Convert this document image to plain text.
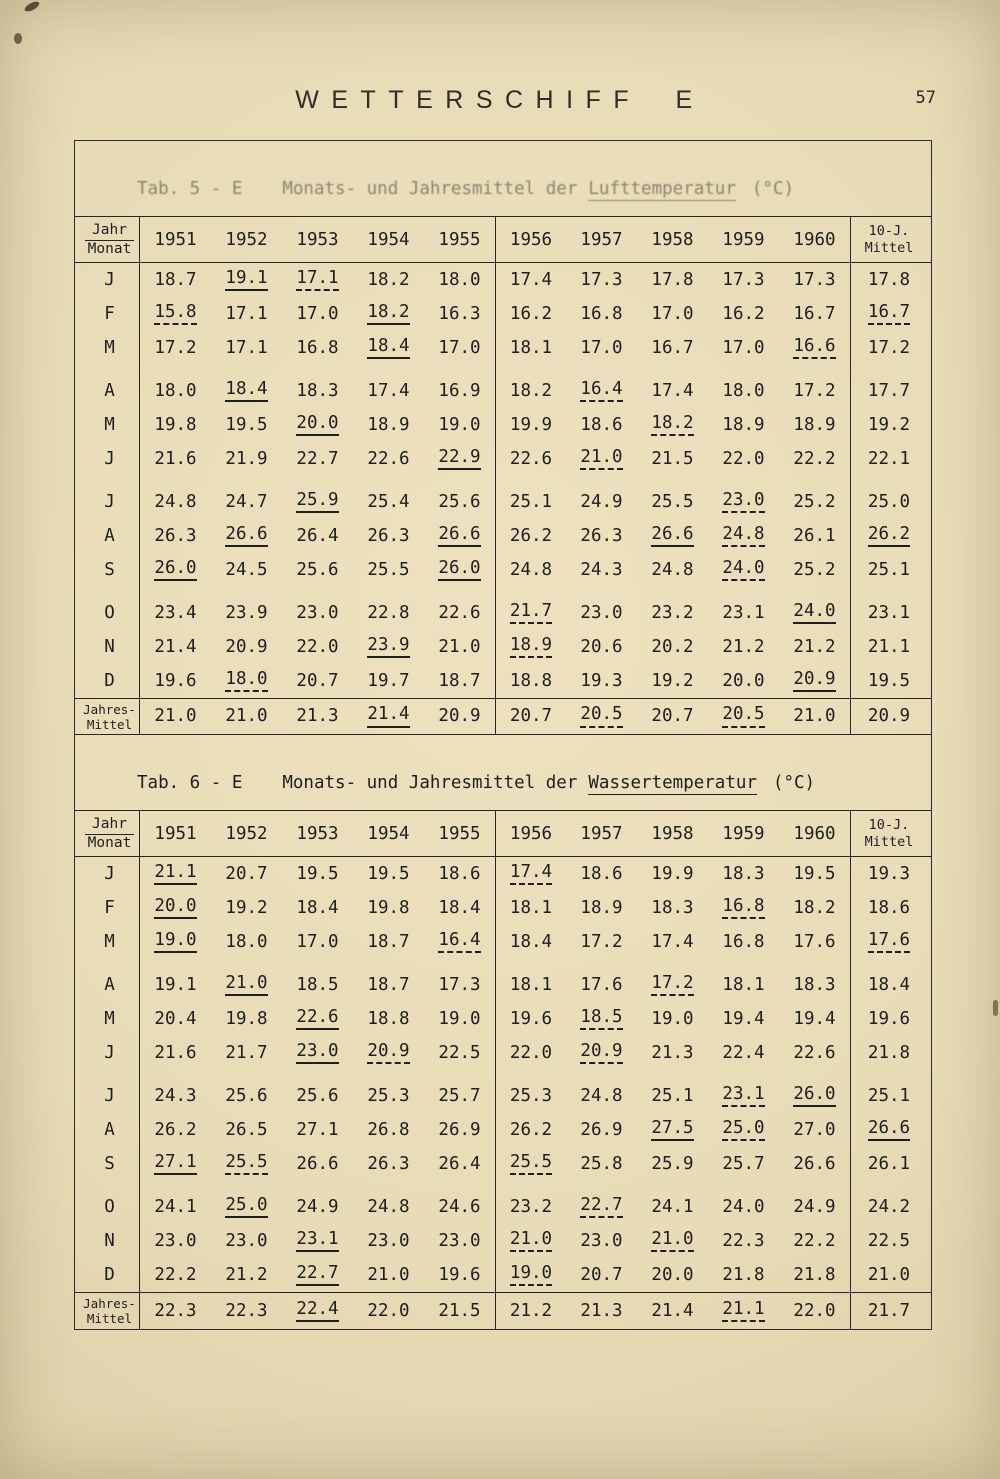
WETTERSCHIFF E	57
Tab. 5 - E Monats- und Jahresmittel der Lufttemperatur (°C)
Jahr
Monat	1951	1952	1953	1954	1955	1956	1957	1958	1959	1960	10-J.
Mittel
J	18.7 19.1 17.1 18.2 18.0 17.4 17.3 17.8 17.3 17.3 17.8
F	15.8 17.1 17.0 18.2 16.3 16.2 16.8 17.0 16.2 16.7 16.7
M	17.2 17.1 16.8 18.4 17.0 18.1 17.0 16.7 17.0 16.6 17.2
A	18.0 18.4 18.3 17.4 16.9 18.2 16.4 17.4 18.0 17.2 17.7
M	19.8 19.5 20.0 18.9 19.0 19.9 18.6 18.2 18.9 18.9 19.2
J	21.6 21.9 22.7 22.6 22.9 22.6 21.0 21.5 22.0 22.2 22.1
J	24.8 24.7 25.9 25.4 25.6 25.1 24.9 25.5 23.0 25.2 25.0
A	26.3 26.6 26.4 26.3 26.6 26.2 26.3 26.6 24.8 26.1 26.2
S	26.0 24.5 25.6 25.5 26.0 24.8 24.3 24.8 24.0 25.2 25.1
O	23.4 23.9 23.0 22.8 22.6 21.7 23.0 23.2 23.1 24.0 23.1
N	21.4 20.9 22.0 23.9 21.0 18.9 20.6 20.2 21.2 21.2 21.1
D	19.6 18.0 20.7 19.7 18.7 18.8 19.3 19.2 20.0 20.9 19.5
Jahres-
Mittel 21.0 21.0 21.3 21.4 20.9 20.7 20.5 20.7 20.5 21.0 20.9
Tab. 6 - E Monats- und Jahresmittel der Wassertemperatur (°C)
Jahr
Monat	1951	1952	1953	1954	1955	1956	1957	1958	1959	1960	10-J.
Mittel
J	21.1 20.7 19.5 19.5 18.6 17.4 18.6 19.9 18.3 19.5 19.3
F	20.0 19.2 18.4 19.8 18.4 18.1 18.9 18.3 16.8 18.2 18.6
M	19.0 18.0 17.0 18.7 16.4 18.4 17.2 17.4 16.8 17.6 17.6
A	19.1 21.0 18.5 18.7 17.3 18.1 17.6 17.2 18.1 18.3 18.4
M	20.4 19.8 22.6 18.8 19.0 19.6 18.5 19.0 19.4 19.4 19.6
J	21.6 21.7 23.0 20.9 22.5 22.0 20.9 21.3 22.4 22.6 21.8
J	24.3 25.6 25.6 25.3 25.7 25.3 24.8 25.1 23.1 26.0 25.1
A	26.2 26.5 27.1 26.8 26.9 26.2 26.9 27.5 25.0 27.0 26.6
S	27.1 25.5 26.6 26.3 26.4 25.5 25.8 25.9 25.7 26.6 26.1
O	24.1 25.0 24.9 24.8 24.6 23.2 22.7 24.1 24.0 24.9 24.2
N	23.0 23.0 23.1 23.0 23.0 21.0 23.0 21.0 22.3 22.2 22.5
D	22.2 21.2 22.7 21.0 19.6 19.0 20.7 20.0 21.8 21.8 21.0
Jahres-
Mittel 22.3 22.3 22.4 22.0 21.5 21.2 21.3 21.4 21.1 22.0 21.7
